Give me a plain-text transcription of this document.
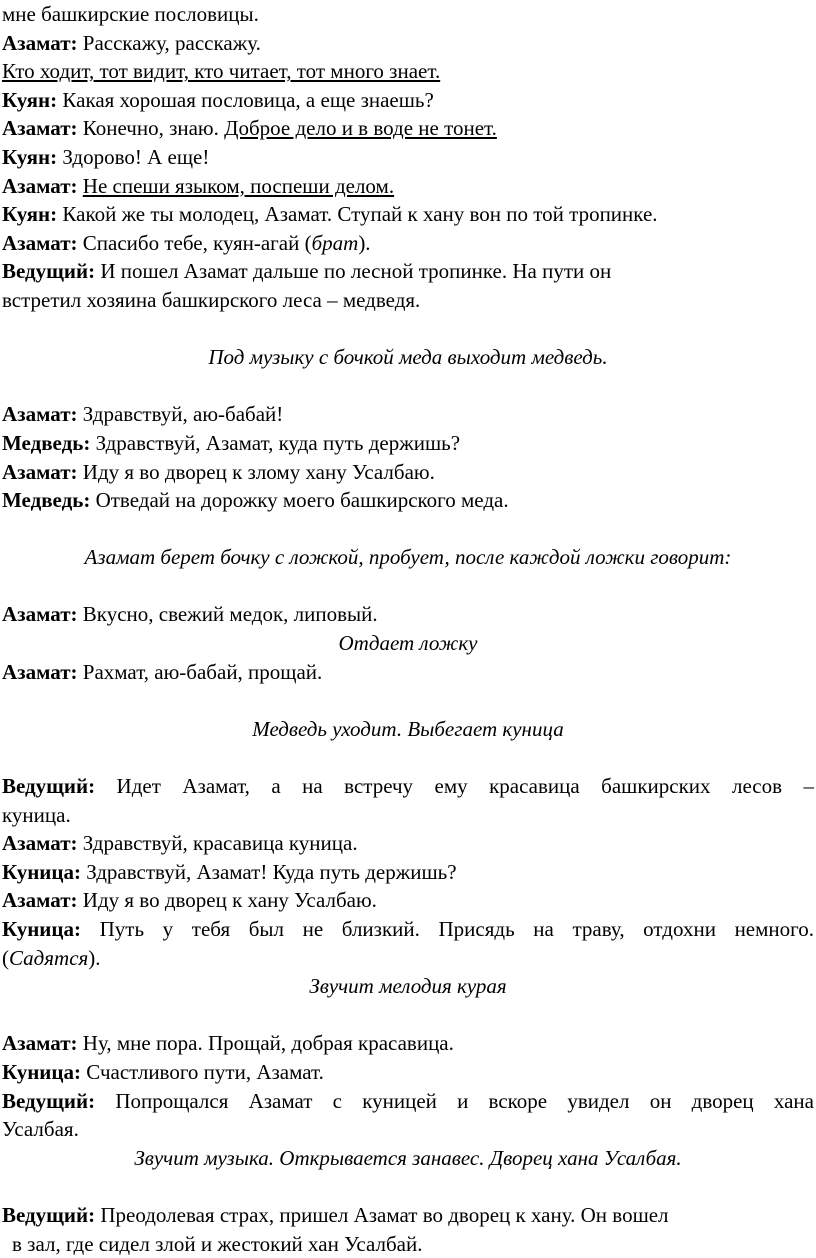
мне башкирские пословицы.

Азамат: Расскажу, расскажу.

Кто ходит, тот видит, кто читает, тот много знает.

Куян: Какая хорошая пословица, а еще знаешь?

Азамат: Конечно, знаю. Доброе дело и в воде не тонет.

Куян: Здорово! А еще!

Азамат: Не спеши языком, поспеши делом.

Куян: Какой же ты молодец, Азамат. Ступай к хану вон по той тропинке.

Азамат: Спасибо тебе, куян-агай (брат).

Ведущий: И пошел Азамат дальше по лесной тропинке. На пути он

встретил хозяина башкирского леса – медведя.

Под музыку с бочкой меда выходит медведь.

Азамат: Здравствуй, аю-бабай!

Медведь: Здравствуй, Азамат, куда путь держишь?

Азамат: Иду я во дворец к злому хану Усалбаю.

Медведь: Отведай на дорожку моего башкирского меда.

Азамат берет бочку с ложкой, пробует, после каждой ложки говорит:

Азамат: Вкусно, свежий медок, липовый.

Отдает ложку

Азамат: Рахмат, аю-бабай, прощай.

Медведь уходит. Выбегает куница

Ведущий: Идет Азамат, а на встречу ему красавица башкирских лесов –

куница.

Азамат: Здравствуй, красавица куница.

Куница: Здравствуй, Азамат! Куда путь держишь?

Азамат: Иду я во дворец к хану Усалбаю.

Куница: Путь у тебя был не близкий. Присядь на траву, отдохни немного.

(Садятся).

Звучит мелодия курая

Азамат: Ну, мне пора. Прощай, добрая красавица.

Куница: Счастливого пути, Азамат.

Ведущий: Попрощался Азамат с куницей и вскоре увидел он дворец хана

Усалбая.

Звучит музыка. Открывается занавес. Дворец хана Усалбая.

Ведущий: Преодолевая страх, пришел Азамат во дворец к хану. Он вошел

в зал, где сидел злой и жестокий хан Усалбай.
